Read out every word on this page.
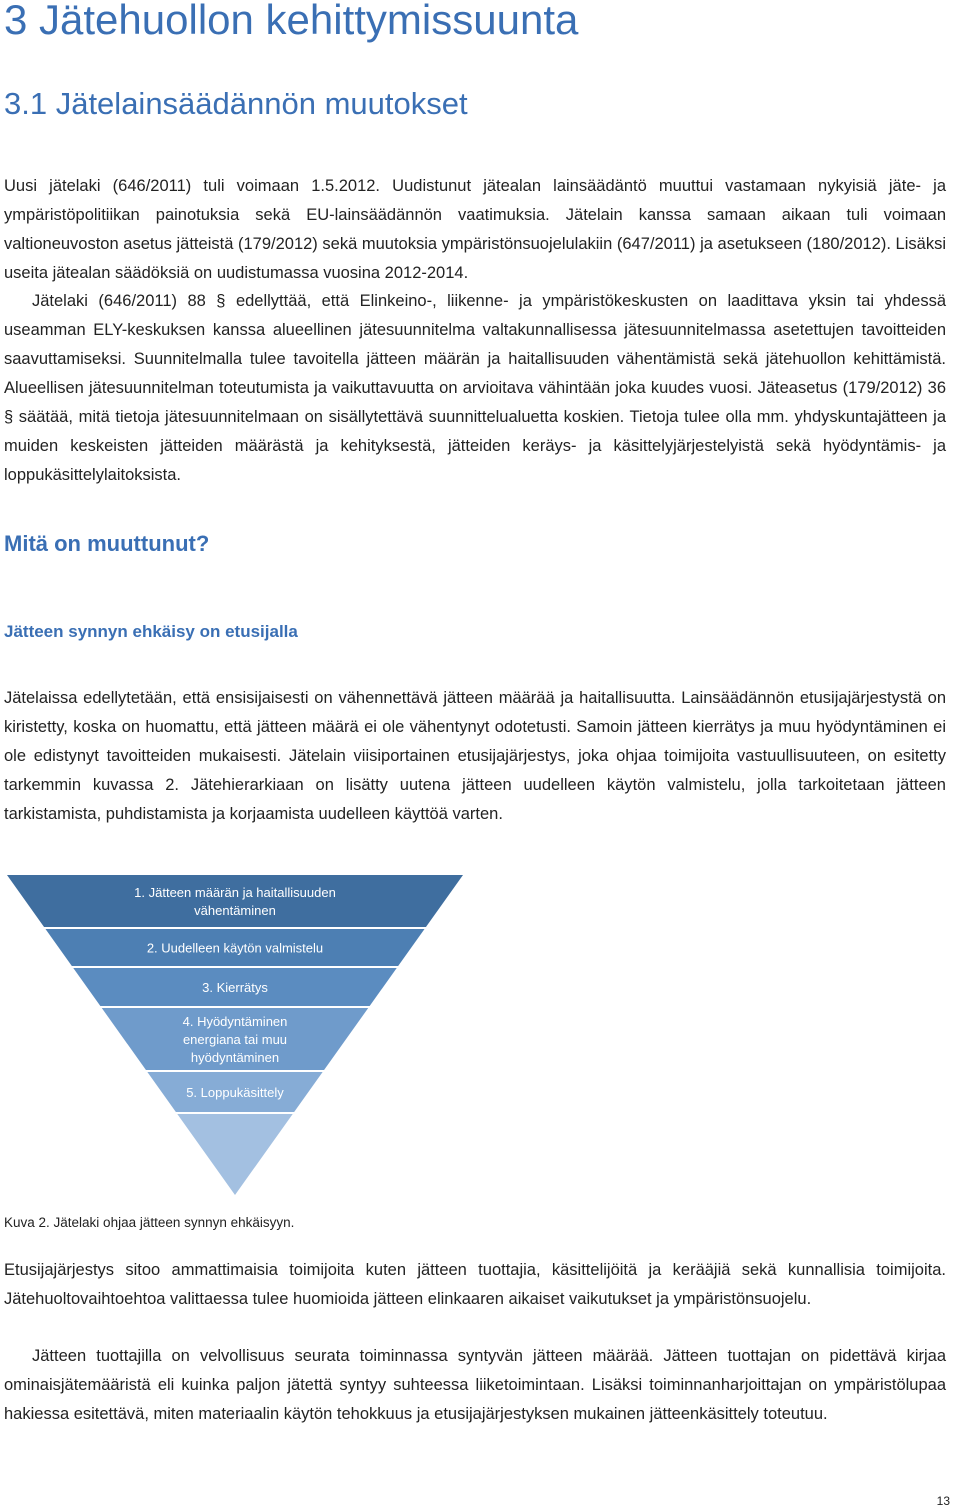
3 Jätehuollon kehittymissuunta
3.1 Jätelainsäädännön muutokset

Uusi jätelaki (646/2011) tuli voimaan 1.5.2012. Uudistunut jätealan lainsäädäntö muuttui vastamaan nykyisiä jäte- ja ympäristöpolitiikan painotuksia sekä EU-lainsäädännön vaatimuksia. Jätelain kanssa samaan aikaan tuli voimaan valtioneuvoston asetus jätteistä (179/2012) sekä muutoksia ympäristönsuojelulakiin (647/2011) ja asetukseen (180/2012). Lisäksi useita jätealan säädöksiä on uudistumassa vuosina 2012-2014.

Jätelaki (646/2011) 88 § edellyttää, että Elinkeino-, liikenne- ja ympäristökeskusten on laadittava yksin tai yhdessä useamman ELY-keskuksen kanssa alueellinen jätesuunnitelma valtakunnallisessa jätesuunnitelmassa asetettujen tavoitteiden saavuttamiseksi. Suunnitelmalla tulee tavoitella jätteen määrän ja haitallisuuden vähentämistä sekä jätehuollon kehittämistä. Alueellisen jätesuunnitelman toteutumista ja vaikuttavuutta on arvioitava vähintään joka kuudes vuosi. Jäteasetus (179/2012) 36 § säätää, mitä tietoja jätesuunnitelmaan on sisällytettävä suunnittelualuetta koskien. Tietoja tulee olla mm. yhdyskuntajätteen ja muiden keskeisten jätteiden määrästä ja kehityksestä, jätteiden keräys- ja käsittelyjärjestelyistä sekä hyödyntämis- ja loppukäsittelylaitoksista.

Mitä on muuttunut?
Jätteen synnyn ehkäisy on etusijalla

Jätelaissa edellytetään, että ensisijaisesti on vähennettävä jätteen määrää ja haitallisuutta. Lainsäädännön etusijajärjestystä on kiristetty, koska on huomattu, että jätteen määrä ei ole vähentynyt odotetusti. Samoin jätteen kierrätys ja muu hyödyntäminen ei ole edistynyt tavoitteiden mukaisesti. Jätelain viisiportainen etusijajärjestys, joka ohjaa toimijoita vastuullisuuteen, on esitetty tarkemmin kuvassa 2. Jätehierarkiaan on lisätty uutena jätteen uudelleen käytön valmistelu, jolla tarkoitetaan jätteen tarkistamista, puhdistamista ja korjaamista uudelleen käyttöä varten.

1. Jätteen määrän ja haitallisuuden
vähentäminen
2. Uudelleen käytön valmistelu
3. Kierrätys
4. Hyödyntäminen
energiana tai muu
hyödyntäminen
5. Loppukäsittely

Kuva 2. Jätelaki ohjaa jätteen synnyn ehkäisyyn.

Etusijajärjestys sitoo ammattimaisia toimijoita kuten jätteen tuottajia, käsittelijöitä ja kerääjiä sekä kunnallisia toimijoita. Jätehuoltovaihtoehtoa valittaessa tulee huomioida jätteen elinkaaren aikaiset vaikutukset ja ympäristönsuojelu.

Jätteen tuottajilla on velvollisuus seurata toiminnassa syntyvän jätteen määrää. Jätteen tuottajan on pidettävä kirjaa ominaisjätemääristä eli kuinka paljon jätettä syntyy suhteessa liiketoimintaan. Lisäksi toiminnanharjoittajan on ympäristölupaa hakiessa esitettävä, miten materiaalin käytön tehokkuus ja etusijajärjestyksen mukainen jätteenkäsittely toteutuu.

13
